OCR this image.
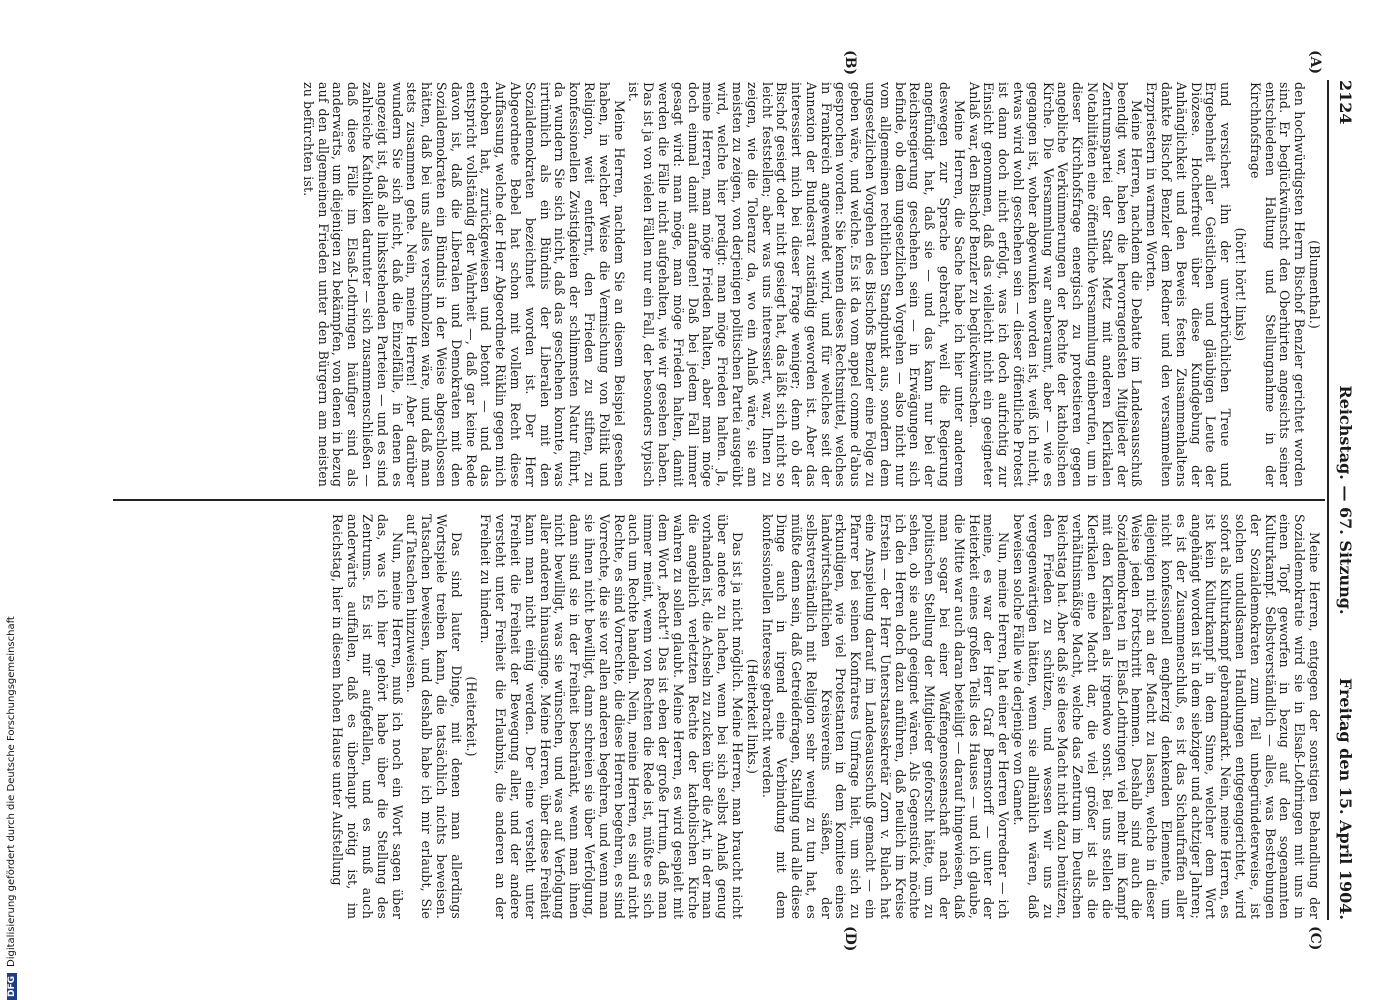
2124
Reichstag. — 67. Sitzung.
Freitag den 15. April 1904.
(A)
(B)
(C)
(D)

(Blumenthal.)

den hochwürdigsten Herrn Bischof Benzler gerichtet worden sind. Er beglückwünscht den Oberhirten angesichts seiner entschiedenen Haltung und Stellungnahme in der Kirchhofsfrage

(hört! hört! links)

und versichert ihn der unverbrüchlichen Treue und Ergebenheit aller Geistlichen und gläubigen Leute der Diözese. Hocherfreut über diese Kundgebung der Anhänglichkeit und den Beweis festen Zusammenhaltens dankte Bischof Benzler dem Redner und den versammelten Erzpriestern in warmen Worten.

Meine Herren, nachdem die Debatte im Landesausschuß beendigt war, haben die hervorragendsten Mitglieder der Zentrumspartei der Stadt Metz mit anderen Klerikalen Notabilitäten eine öffentliche Versammlung einberufen, um in dieser Kirchhofsfrage energisch zu protestieren gegen angebliche Verkümmerungen der Rechte der katholischen Kirche. Die Versammlung war anberaumt, aber — wie es gegangen ist, woher abgewunken worden ist, weiß ich nicht, etwas wird wohl geschehen sein — dieser öffentliche Protest ist dann doch nicht erfolgt, was ich doch aufrichtig zur Einsicht genommen, daß das vielleicht nicht ein geeigneter Anlaß war, den Bischof Benzler zu beglückwünschen.

Meine Herren, die Sache habe ich hier unter anderem deswegen zur Sprache gebracht, weil die Regierung angefündigt hat, daß sie — und das kann nur bei der Reichsregierung geschehen sein — in Erwägungen sich befinde, ob dem ungesetzlichen Vorgehen — also nicht nur vom allgemeinen rechtlichen Standpunkt aus, sondern dem ungesetzlichen Vorgehen des Bischofs Benzler eine Folge zu geben wäre, und welche. Es ist da vom appel comme d'abus gesprochen worden: Sie kennen dieses Rechtsmittel, welches in Frankreich angewendet wird, und für welches seit der Annexion der Bundesrat zuständig geworden ist. Aber das interessiert mich bei dieser Frage weniger; denn ob der Bischof gesiegt oder nicht gesiegt hat, das läßt sich nicht so leicht feststellen; aber was uns interessiert, war, Ihnen zu zeigen, wie die Toleranz da, wo ein Anlaß wäre, sie am meisten zu zeigen, von derjenigen politischen Partei ausgeübt wird, welche hier predigt: man möge Frieden halten. Ja, meine Herren, man möge Frieden halten, aber man möge doch einmal damit anfangen! Daß bei jedem Fall immer gesagt wird: man möge, man möge Frieden halten, damit werden die Fälle nicht aufgehalten, wie wir gesehen haben. Das ist ja von vielen Fällen nur ein Fall, der besonders typisch ist.

Meine Herren, nachdem Sie an diesem Beispiel gesehen haben, in welcher Weise die Vermischung von Politik und Religion, weit entfernt, den Frieden zu stiften, zu konfessionellen Zwistigkeiten der schlimmsten Natur führt, da wundern Sie sich nicht, daß das geschehen konnte, was irrtümlich als ein Bündnis der Liberalen mit den Sozialdemokraten bezeichnet worden ist. Der Herr Abgeordnete Bebel hat schon mit vollem Recht diese Auffassung, welche der Herr Abgeordnete Rüklin gegen mich erhoben hat, zurückgewiesen und betont — und das entspricht vollständig der Wahrheit —, daß gar keine Rede davon ist, daß die Liberalen und Demokraten mit den Sozialdemokraten ein Bündnis in der Weise abgeschlossen hätten, daß bei uns alles verschmolzen wäre, und daß man stets zusammen gehe. Nein, meine Herren! Aber darüber wundern Sie sich nicht, daß die Einzelfälle, in denen es angezeigt ist, daß alle linksstehenden Parteien — und es sind zahlreiche Katholiken darunter — sich zusammenschließen — daß diese Fälle im Elsaß-Lothringen häufiger sind als anderwärts, um diejenigen zu bekämpfen, von denen in bezug auf den allgemeinen Frieden unter den Bürgern am meisten zu befürchten ist.

Meine Herren, entgegen der sonstigen Behandlung der Sozialdemokratie wird sie in Elsaß-Lothringen mit uns in einen Topf geworfen in bezug auf den sogenannten Kulturkampf. Selbstverständlich — alles, was Bestrebungen der Sozialdemokraten zum Teil unbegründeterweise, ist solchen unduldsamen Handlungen entgegengerichtet, wird sofort als Kulturkampf gebrandmarkt. Nein, meine Herren, es ist kein Kulturkampf in dem Sinne, welcher dem Wort angehängt worden ist in dem siebziger und achtziger Jahren; es ist der Zusammenschluß, es ist das Sichaufraffen aller nicht konfessionell engherzig denkenden Elemente, um diejenigen nicht an der Macht zu lassen, welche in dieser Weise jeden Fortschritt hemmen. Deshalb sind auch die Sozialdemokraten in Elsaß-Lothringen viel mehr im Kampf mit den Klerikalen als irgendwo sonst. Bei uns stellen die Klerikalen eine Macht dar, die viel größer ist als die verhältnismäßige Macht, welche das Zentrum im Deutschen Reichstag hat. Aber daß sie diese Macht nicht dazu benützen, den Frieden zu schützen, und wessen wir uns zu vergegenwärtigen hätten, wenn sie allmählich wären, daß beweisen solche Fälle wie derjenige von Gamet.

Nun, meine Herren, hat einer der Herren Vorredner — ich meine, es war der Herr Graf Bernstorff — unter der Heiterkeit eines großen Teils des Hauses — und ich glaube, die Mitte war auch daran beteiligt — darauf hingewiesen, daß man sogar bei einer Waffengenossenschaft nach der politischen Stellung der Mitglieder geforscht hätte, um zu sehen, ob sie auch geeignet wären. Als Gegenstück möchte ich den Herren doch dazu anführen, daß neulich im Kreise Erstein — der Herr Unterstaatssekretär Zorn v. Bulach hat eine Anspielung darauf im Landesausschuß gemacht — ein Pfarrer bei seinen Konfratres Umfrage hielt, um sich zu erkundigen, wie viel Protestanten in dem Komitee eines landwirtschaftlichen Kreisvereins säßen, der selbstverständlich mit Religion sehr wenig zu tun hat, es müßte denn sein, daß Getreidefragen, Stallung und alle diese Dinge auch in irgend eine Verbindung mit dem konfessionellen Interesse gebracht werden.

(Heiterkeit links.)

Das ist ja nicht möglich. Meine Herren, man braucht nicht über andere zu lachen, wenn bei sich selbst Anlaß genug vorhanden ist, die Achseln zu zucken über die Art, in der man die angeblich verletzten Rechte der katholischen Kirche wahren zu sollen glaubt. Meine Herren, es wird gespielt mit dem Wort „Recht“! Das ist eben der große Irrtum, daß man immer meint, wenn von Rechten die Rede ist, müßte es sich auch um Rechte handeln. Nein, meine Herren, es sind nicht Rechte, es sind Vorrechte, die diese Herren begehren, es sind Vorrechte, die sie vor allen anderen begehren, und wenn man sie ihnen nicht bewilligt, dann schreien sie über Verfolgung, dann sind sie in der Freiheit beschränkt, wenn man ihnen nicht bewilligt, was sie wünschen, und was auf Verfolgung aller anderen hinausginge. Meine Herren, über diese Freiheit kann man nicht einig werden. Der eine versteht unter Freiheit die Freiheit der Bewegung aller, und der andere versteht unter Freiheit die Erlaubnis, die anderen an der Freiheit zu hindern.

(Heiterkeit.)

Das sind lauter Dinge, mit denen man allerdings Wortspiele treiben kann, die tatsächlich nichts beweisen. Tatsachen beweisen, und deshalb habe ich mir erlaubt, Sie auf Tatsachen hinzuweisen.

Nun, meine Herren, muß ich noch ein Wort sagen über das, was ich hier gehört habe über die Stellung des Zentrums. Es ist mir aufgefallen, und es muß auch anderwärts auffallen, daß es überhaupt nötig ist, im Reichstag, hier in diesem hohen Hause unter Aufstellung

DFGDigitalisierung gefördert durch die Deutsche Forschungsgemeinschaft
